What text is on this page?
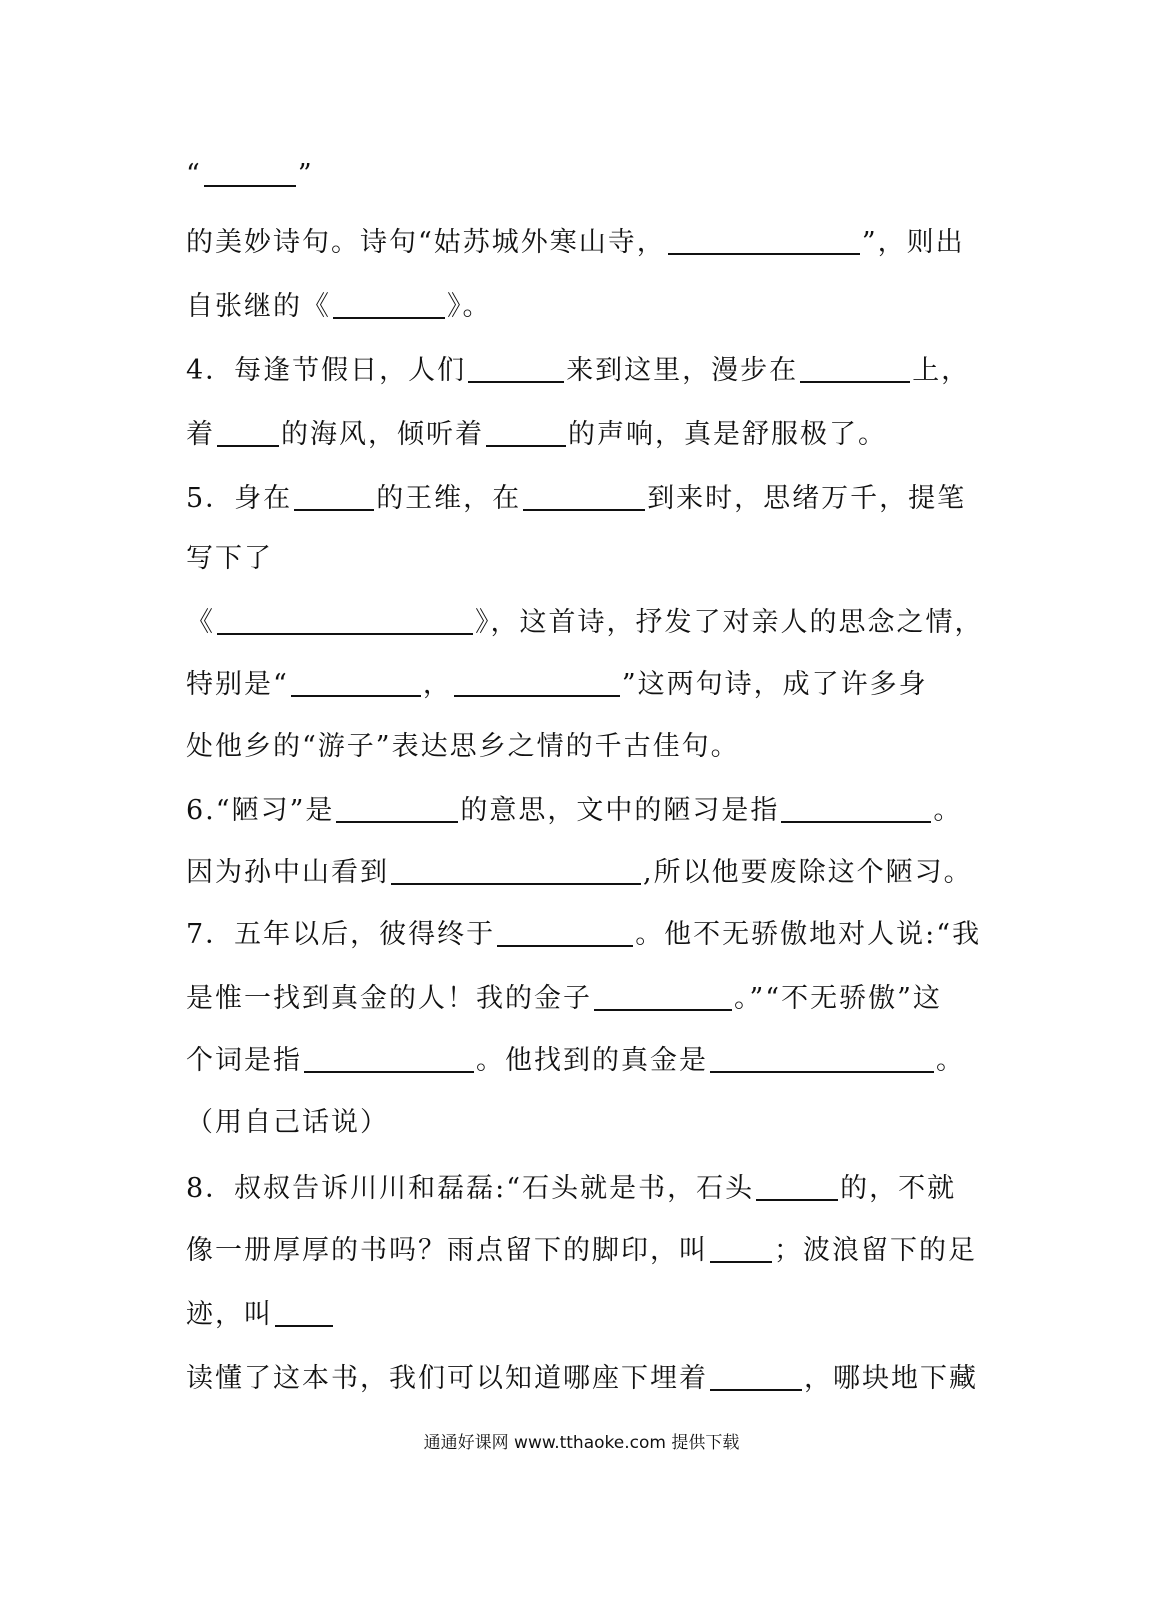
“	”
的美妙诗句。诗句“姑苏城外寒山寺，	”，则出
自张继的《	》。
4．每逢节假日，人们	来到这里，漫步在	上，
着 的海风，倾听着	的声响，真是舒服极了。
5．身在	的王维，在	到来时，思绪万千，提笔
写下了
《	》，这首诗，抒发了对亲人的思念之情，
特别是“	，	”这两句诗，成了许多身
处他乡的“游子”表达思乡之情的千古佳句。
6.“陋习”是	的意思，文中的陋习是指	。
因为孙中山看到	,所以他要废除这个陋习。
7．五年以后，彼得终于	。他不无骄傲地对人说:“我
是惟一找到真金的人！我的金子	。”“不无骄傲”这
个词是指	。他找到的真金是	。
（用自己话说）
8．叔叔告诉川川和磊磊:“石头就是书，石头	的，不就
像一册厚厚的书吗？雨点留下的脚印，叫 ；波浪留下的足
迹，叫
读懂了这本书，我们可以知道哪座下埋着	，哪块地下藏
通通好课网 www.tthaoke.com 提供下载
